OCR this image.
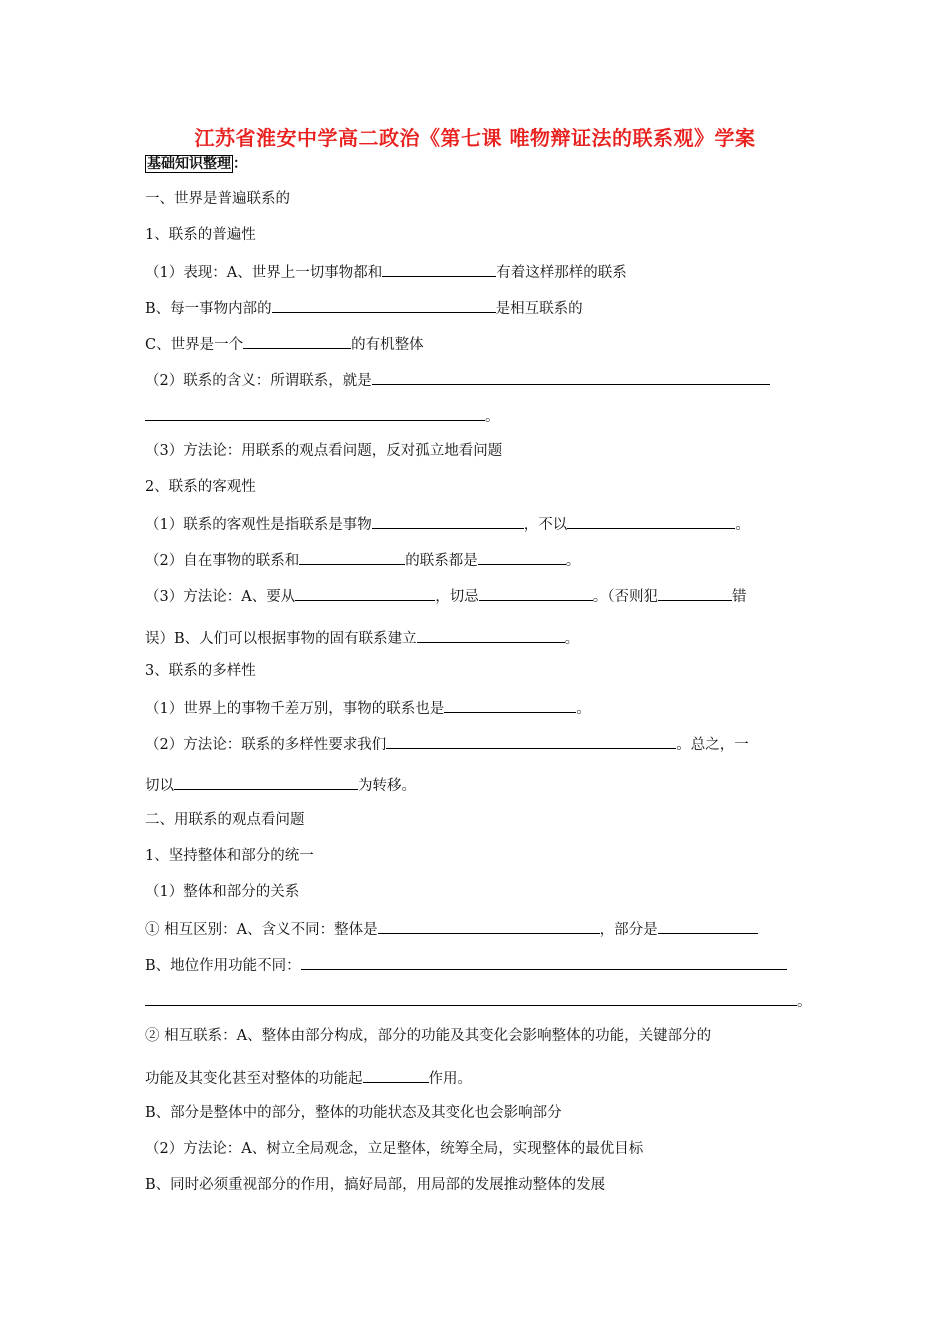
江苏省淮安中学高二政治《第七课 唯物辩证法的联系观》学案
基础知识整理 ：
一、世界是普遍联系的
1、联系的普遍性
（1）表现：A、世界上一切事物都和	有着这样那样的联系
B、每一事物内部的	是相互联系的
C、世界是一个	的有机整体
（2）联系的含义：所谓联系，就是
。
（3）方法论：用联系的观点看问题，反对孤立地看问题
2、联系的客观性
（1）联系的客观性是指联系是事物	，不以	。
（2）自在事物的联系和	的联系都是	。
（3）方法论：A、要从	，切忌	。（否则犯	错
误）B、人们可以根据事物的固有联系建立	。
3、联系的多样性
（1）世界上的事物千差万别，事物的联系也是	。
（2）方法论：联系的多样性要求我们	。总之，一
切以	为转移。
二、用联系的观点看问题
1、坚持整体和部分的统一
（1）整体和部分的关系
① 相互区别：A、含义不同：整体是	，部分是
B、地位作用功能不同：
。
② 相互联系：A、整体由部分构成，部分的功能及其变化会影响整体的功能，关键部分的
功能及其变化甚至对整体的功能起	作用。
B、部分是整体中的部分，整体的功能状态及其变化也会影响部分
（2）方法论：A、树立全局观念，立足整体，统筹全局，实现整体的最优目标
B、同时必须重视部分的作用，搞好局部，用局部的发展推动整体的发展
